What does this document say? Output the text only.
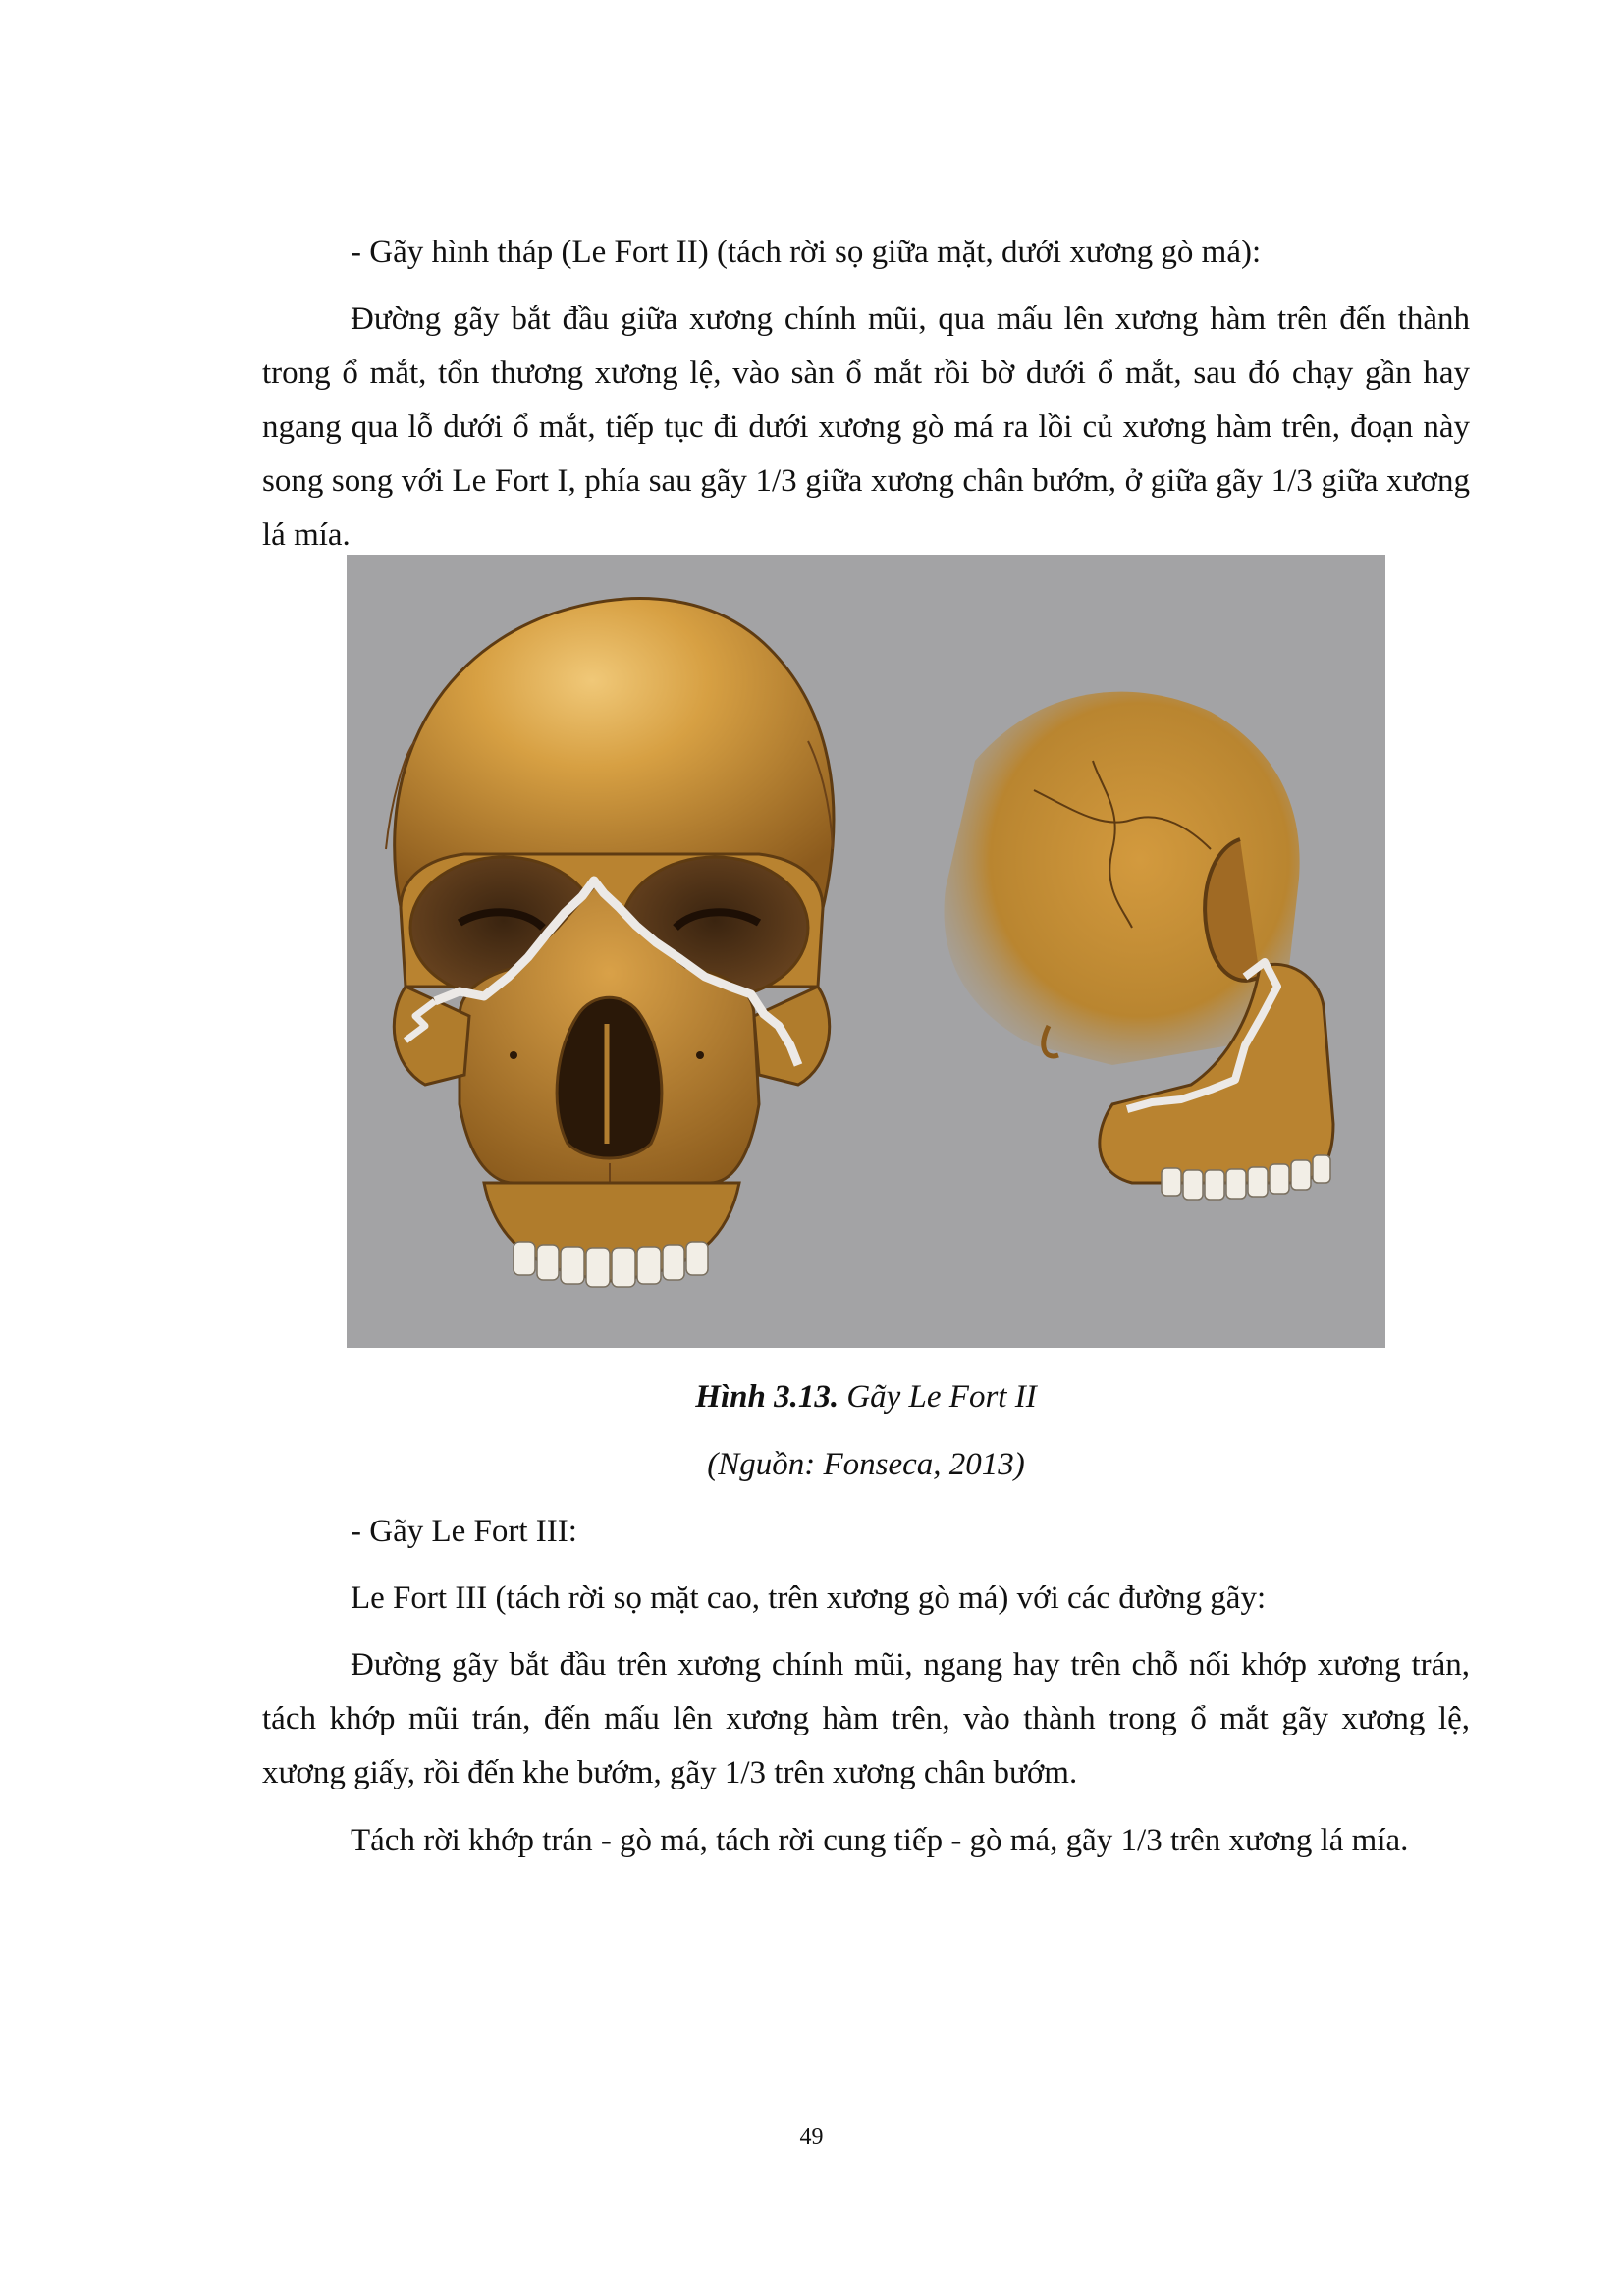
- Gãy hình tháp (Le Fort II) (tách rời sọ giữa mặt, dưới xương gò má):

Đường gãy bắt đầu giữa xương chính mũi, qua mấu lên xương hàm trên đến thành trong ổ mắt, tổn thương xương lệ, vào sàn ổ mắt rồi bờ dưới ổ mắt, sau đó chạy gần hay ngang qua lỗ dưới ổ mắt, tiếp tục đi dưới xương gò má ra lồi củ xương hàm trên, đoạn này song song với Le Fort I, phía sau gãy 1/3 giữa xương chân bướm, ở giữa gãy 1/3 giữa xương lá mía.

Hình 3.13. Gãy Le Fort II

(Nguồn: Fonseca, 2013)

- Gãy Le Fort III:

Le Fort III (tách rời sọ mặt cao, trên xương gò má) với các đường gãy:

Đường gãy bắt đầu trên xương chính mũi, ngang hay trên chỗ nối khớp xương trán, tách khớp mũi trán, đến mấu lên xương hàm trên, vào thành trong ổ mắt gãy xương lệ, xương giấy, rồi đến khe bướm, gãy 1/3 trên xương chân bướm.

Tách rời khớp trán - gò má, tách rời cung tiếp - gò má, gãy 1/3 trên xương lá mía.

49
